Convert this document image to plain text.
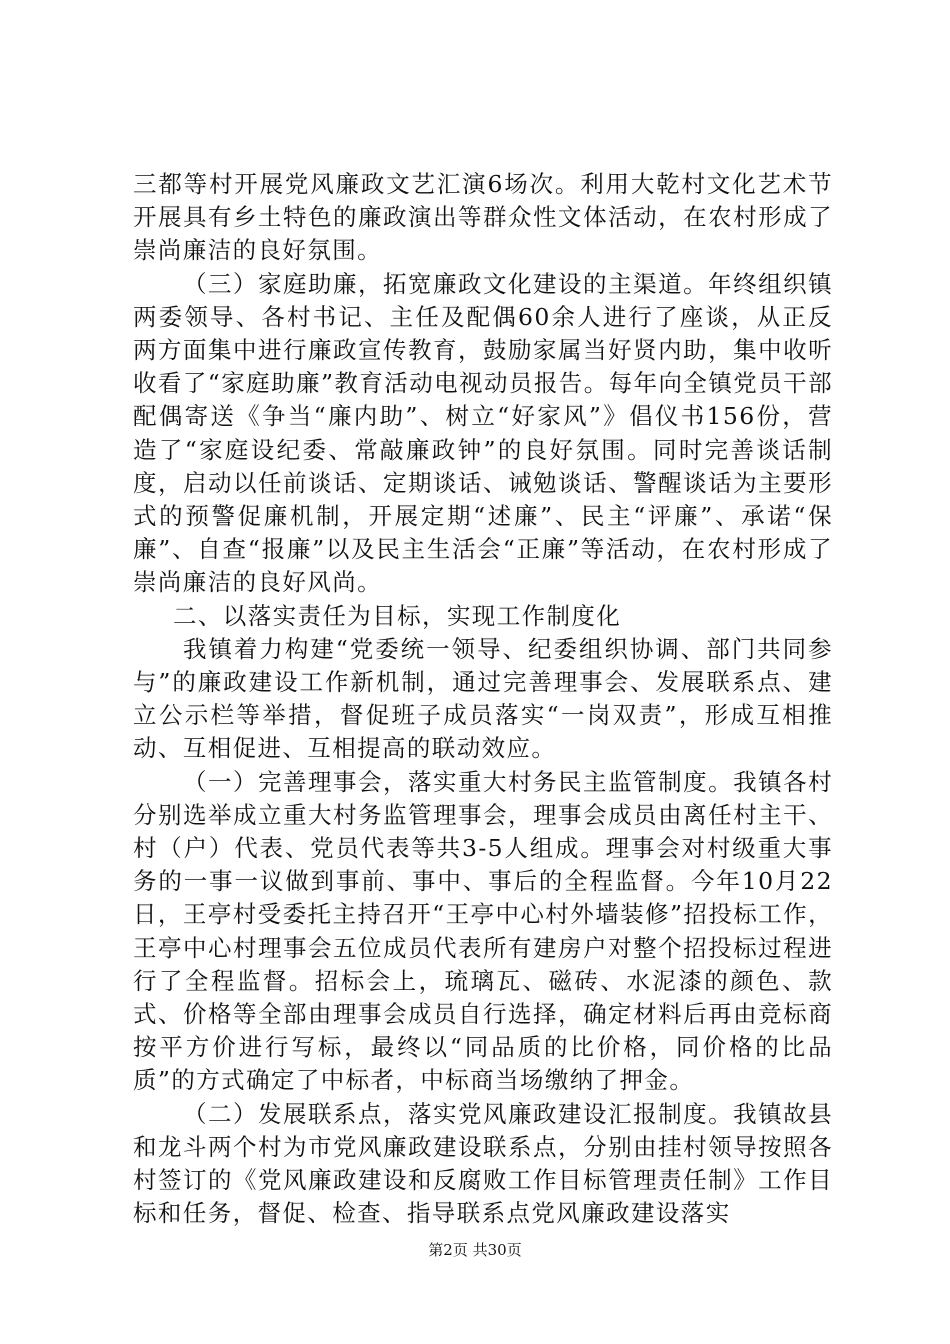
三都等村开展党风廉政文艺汇演6场次。利用大乾村文化艺术节开展具有乡土特色的廉政演出等群众性文体活动，在农村形成了崇尚廉洁的良好氛围。

（三）家庭助廉，拓宽廉政文化建设的主渠道。年终组织镇两委领导、各村书记、主任及配偶60余人进行了座谈，从正反两方面集中进行廉政宣传教育，鼓励家属当好贤内助，集中收听收看了“家庭助廉”教育活动电视动员报告。每年向全镇党员干部配偶寄送《争当“廉内助”、树立“好家风”》倡仪书156份，营造了“家庭设纪委、常敲廉政钟”的良好氛围。同时完善谈话制度，启动以任前谈话、定期谈话、诫勉谈话、警醒谈话为主要形式的预警促廉机制，开展定期“述廉”、民主“评廉”、承诺“保廉”、自查“报廉”以及民主生活会“正廉”等活动，在农村形成了崇尚廉洁的良好风尚。

二、以落实责任为目标，实现工作制度化

我镇着力构建“党委统一领导、纪委组织协调、部门共同参与”的廉政建设工作新机制，通过完善理事会、发展联系点、建立公示栏等举措，督促班子成员落实“一岗双责”，形成互相推动、互相促进、互相提高的联动效应。

（一）完善理事会，落实重大村务民主监管制度。我镇各村分别选举成立重大村务监管理事会，理事会成员由离任村主干、村（户）代表、党员代表等共3-5人组成。理事会对村级重大事务的一事一议做到事前、事中、事后的全程监督。今年10月22日，王亭村受委托主持召开“王亭中心村外墙装修”招投标工作，王亭中心村理事会五位成员代表所有建房户对整个招投标过程进行了全程监督。招标会上，琉璃瓦、磁砖、水泥漆的颜色、款式、价格等全部由理事会成员自行选择，确定材料后再由竞标商按平方价进行写标，最终以“同品质的比价格，同价格的比品质”的方式确定了中标者，中标商当场缴纳了押金。

（二）发展联系点，落实党风廉政建设汇报制度。我镇故县和龙斗两个村为市党风廉政建设联系点，分别由挂村领导按照各村签订的《党风廉政建设和反腐败工作目标管理责任制》工作目标和任务，督促、检查、指导联系点党风廉政建设落实

第2页 共30页
